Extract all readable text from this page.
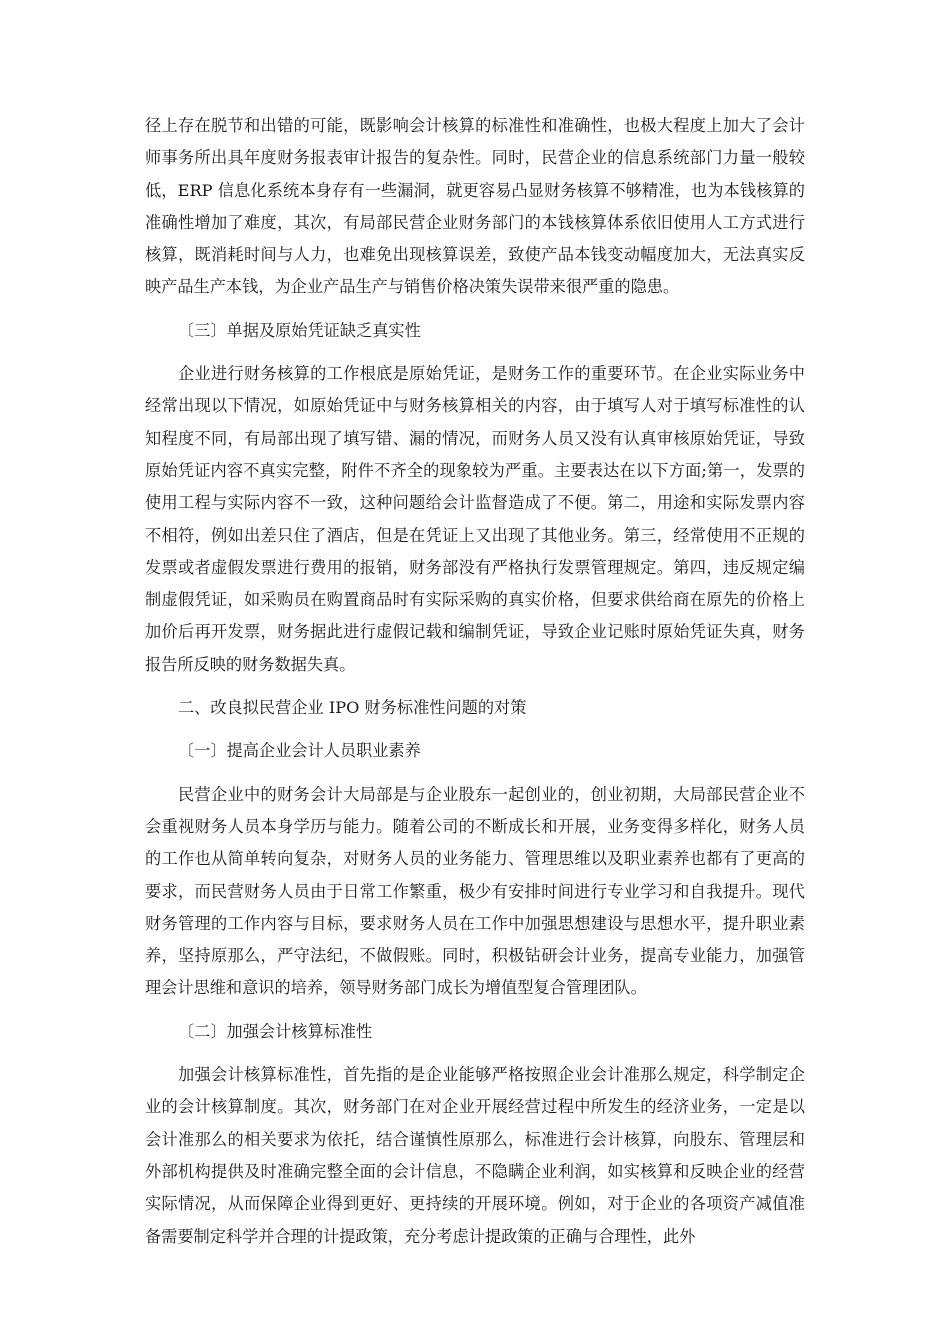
径上存在脱节和出错的可能，既影响会计核算的标准性和准确性，也极大程度上加大了会计师事务所出具年度财务报表审计报告的复杂性。同时，民营企业的信息系统部门力量一般较低，ERP 信息化系统本身存有一些漏洞，就更容易凸显财务核算不够精准，也为本钱核算的准确性增加了难度，其次，有局部民营企业财务部门的本钱核算体系依旧使用人工方式进行核算，既消耗时间与人力，也难免出现核算误差，致使产品本钱变动幅度加大，无法真实反映产品生产本钱，为企业产品生产与销售价格决策失误带来很严重的隐患。

〔三〕单据及原始凭证缺乏真实性

企业进行财务核算的工作根底是原始凭证，是财务工作的重要环节。在企业实际业务中经常出现以下情况，如原始凭证中与财务核算相关的内容，由于填写人对于填写标准性的认知程度不同，有局部出现了填写错、漏的情况，而财务人员又没有认真审核原始凭证，导致原始凭证内容不真实完整，附件不齐全的现象较为严重。主要表达在以下方面;第一，发票的使用工程与实际内容不一致，这种问题给会计监督造成了不便。第二，用途和实际发票内容不相符，例如出差只住了酒店，但是在凭证上又出现了其他业务。第三，经常使用不正规的发票或者虚假发票进行费用的报销，财务部没有严格执行发票管理规定。第四，违反规定编制虚假凭证，如采购员在购置商品时有实际采购的真实价格，但要求供给商在原先的价格上加价后再开发票，财务据此进行虚假记载和编制凭证，导致企业记账时原始凭证失真，财务报告所反映的财务数据失真。

二、改良拟民营企业 IPO 财务标准性问题的对策

〔一〕提高企业会计人员职业素养

民营企业中的财务会计大局部是与企业股东一起创业的，创业初期，大局部民营企业不会重视财务人员本身学历与能力。随着公司的不断成长和开展，业务变得多样化，财务人员的工作也从简单转向复杂，对财务人员的业务能力、管理思维以及职业素养也都有了更高的要求，而民营财务人员由于日常工作繁重，极少有安排时间进行专业学习和自我提升。现代财务管理的工作内容与目标，要求财务人员在工作中加强思想建设与思想水平，提升职业素养，坚持原那么，严守法纪，不做假账。同时，积极钻研会计业务，提高专业能力，加强管理会计思维和意识的培养，领导财务部门成长为增值型复合管理团队。

〔二〕加强会计核算标准性

加强会计核算标准性，首先指的是企业能够严格按照企业会计准那么规定，科学制定企业的会计核算制度。其次，财务部门在对企业开展经营过程中所发生的经济业务，一定是以会计准那么的相关要求为依托，结合谨慎性原那么，标准进行会计核算，向股东、管理层和外部机构提供及时准确完整全面的会计信息，不隐瞒企业利润，如实核算和反映企业的经营实际情况，从而保障企业得到更好、更持续的开展环境。例如，对于企业的各项资产减值准备需要制定科学并合理的计提政策，充分考虑计提政策的正确与合理性，此外
